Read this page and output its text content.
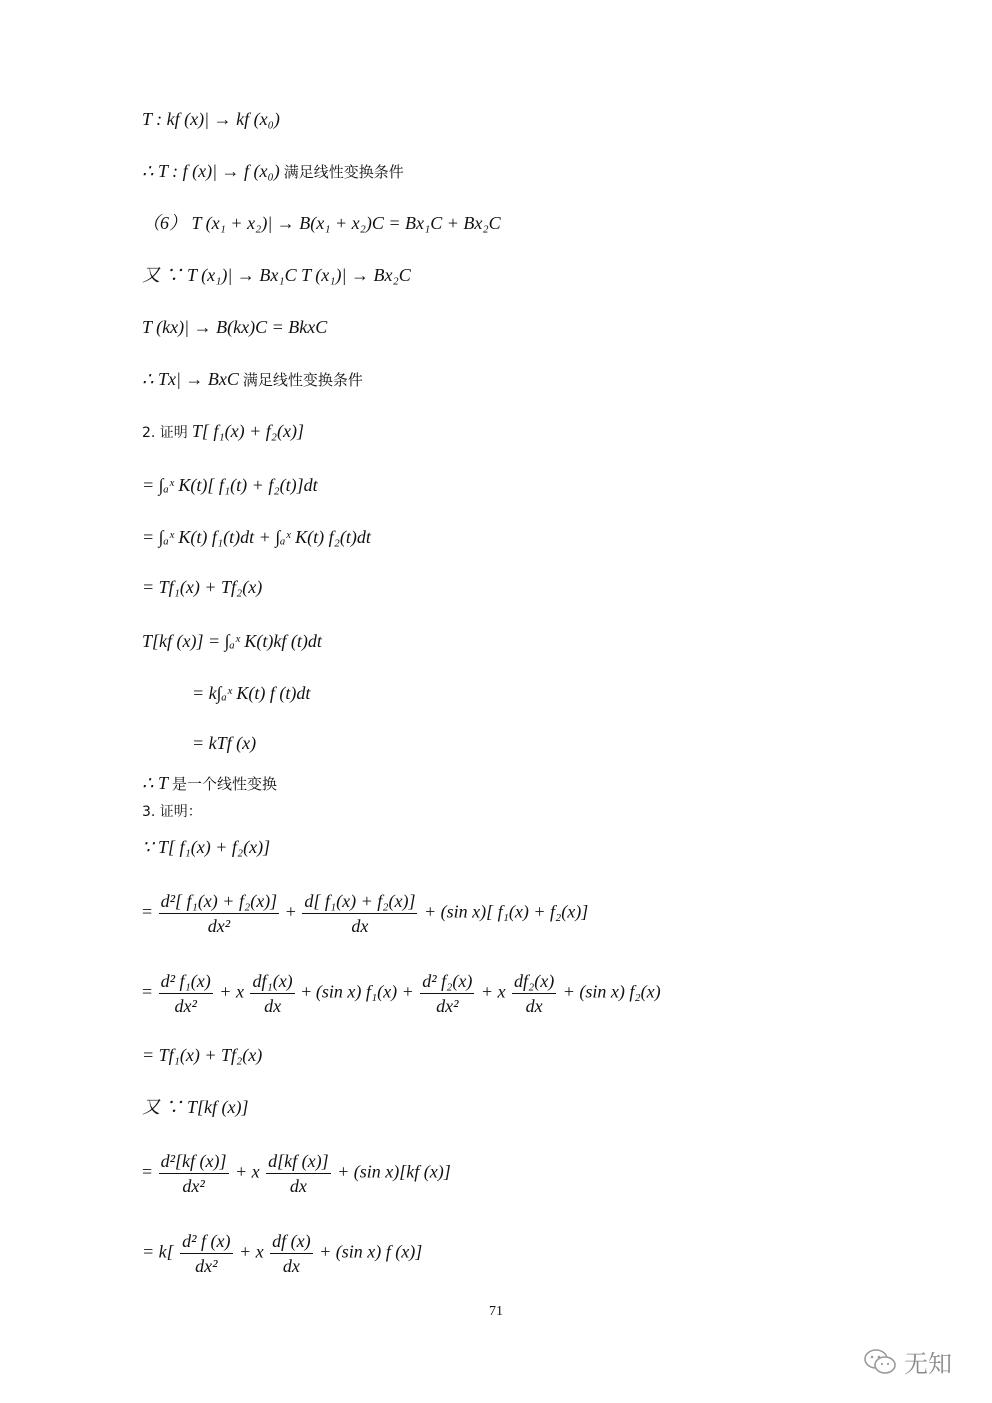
T : kf (x)| → kf (x₀)
∴ T : f (x)| → f (x₀) 满足线性变换条件
（6） T (x₁ + x₂)| → B(x₁ + x₂)C = Bx₁C + Bx₂C
又 ∵ T (x₁)| → Bx₁C T (x₁)| → Bx₂C
T (kx)| → B(kx)C = BkxC
∴ Tx| → BxC 满足线性变换条件
2. 证明 T[ f₁(x) + f₂(x)]
= ∫ₐˣ K(t)[ f₁(t) + f₂(t)]dt
= ∫ₐˣ K(t) f₁(t)dt + ∫ₐˣ K(t) f₂(t)dt
= Tf₁(x) + Tf₂(x)
T[kf (x)] = ∫ₐˣ K(t)kf (t)dt
= k∫ₐˣ K(t) f (t)dt
= kTf (x)
∴ T 是一个线性变换
3. 证明：
∵ T[ f₁(x) + f₂(x)]
= $\frac{\text{d²[ f₁(x) + f₂(x)]}}{\text{dx²}} + \frac{\text{d[ f₁(x) + f₂(x)]}}{dx} + (\sin$ x)[ f₁(x) + f₂(x)]
= $\frac{\text{d² f₁(x)}}{\text{dx²}} + x \frac{\text{df₁(x)}}{dx} + (\sin$ x) $f_1(x) + \frac{\text{d² f₂(x)}}{\text{dx²}} + x \frac{\text{df₂(x)}}{dx} + (\sin$ x) f₂(x)
= Tf₁(x) + Tf₂(x)
又 ∵ T[kf (x)]
= $\frac{\text{d²[kf (x)]}}{\text{dx²}} + x \frac{d[kf (x)]}{dx} + (\sin$ x)[kf (x)]
= $k[ \frac{\text{d² f (x)}}{\text{dx²}} + x \frac{df (x)}{dx} + (\sin$ x) f (x)]
71
无知
